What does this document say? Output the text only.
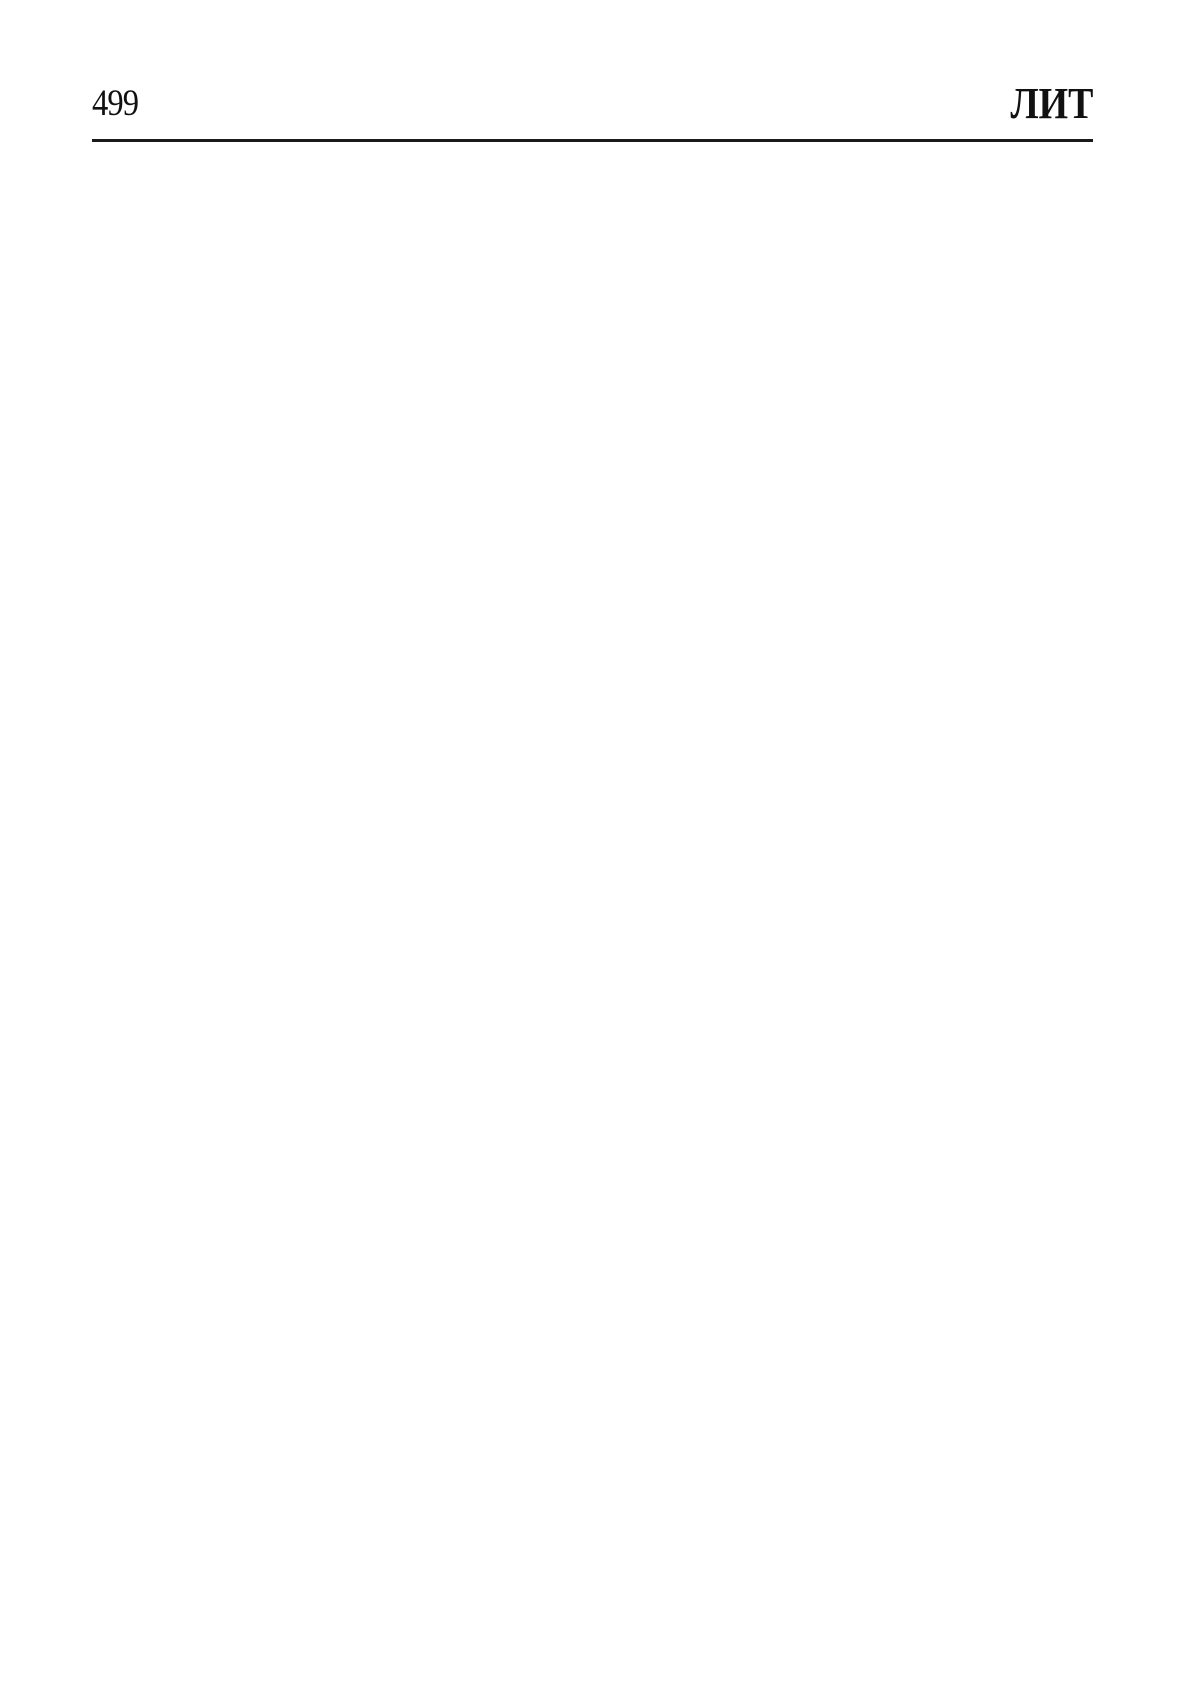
499	ЛИТ
